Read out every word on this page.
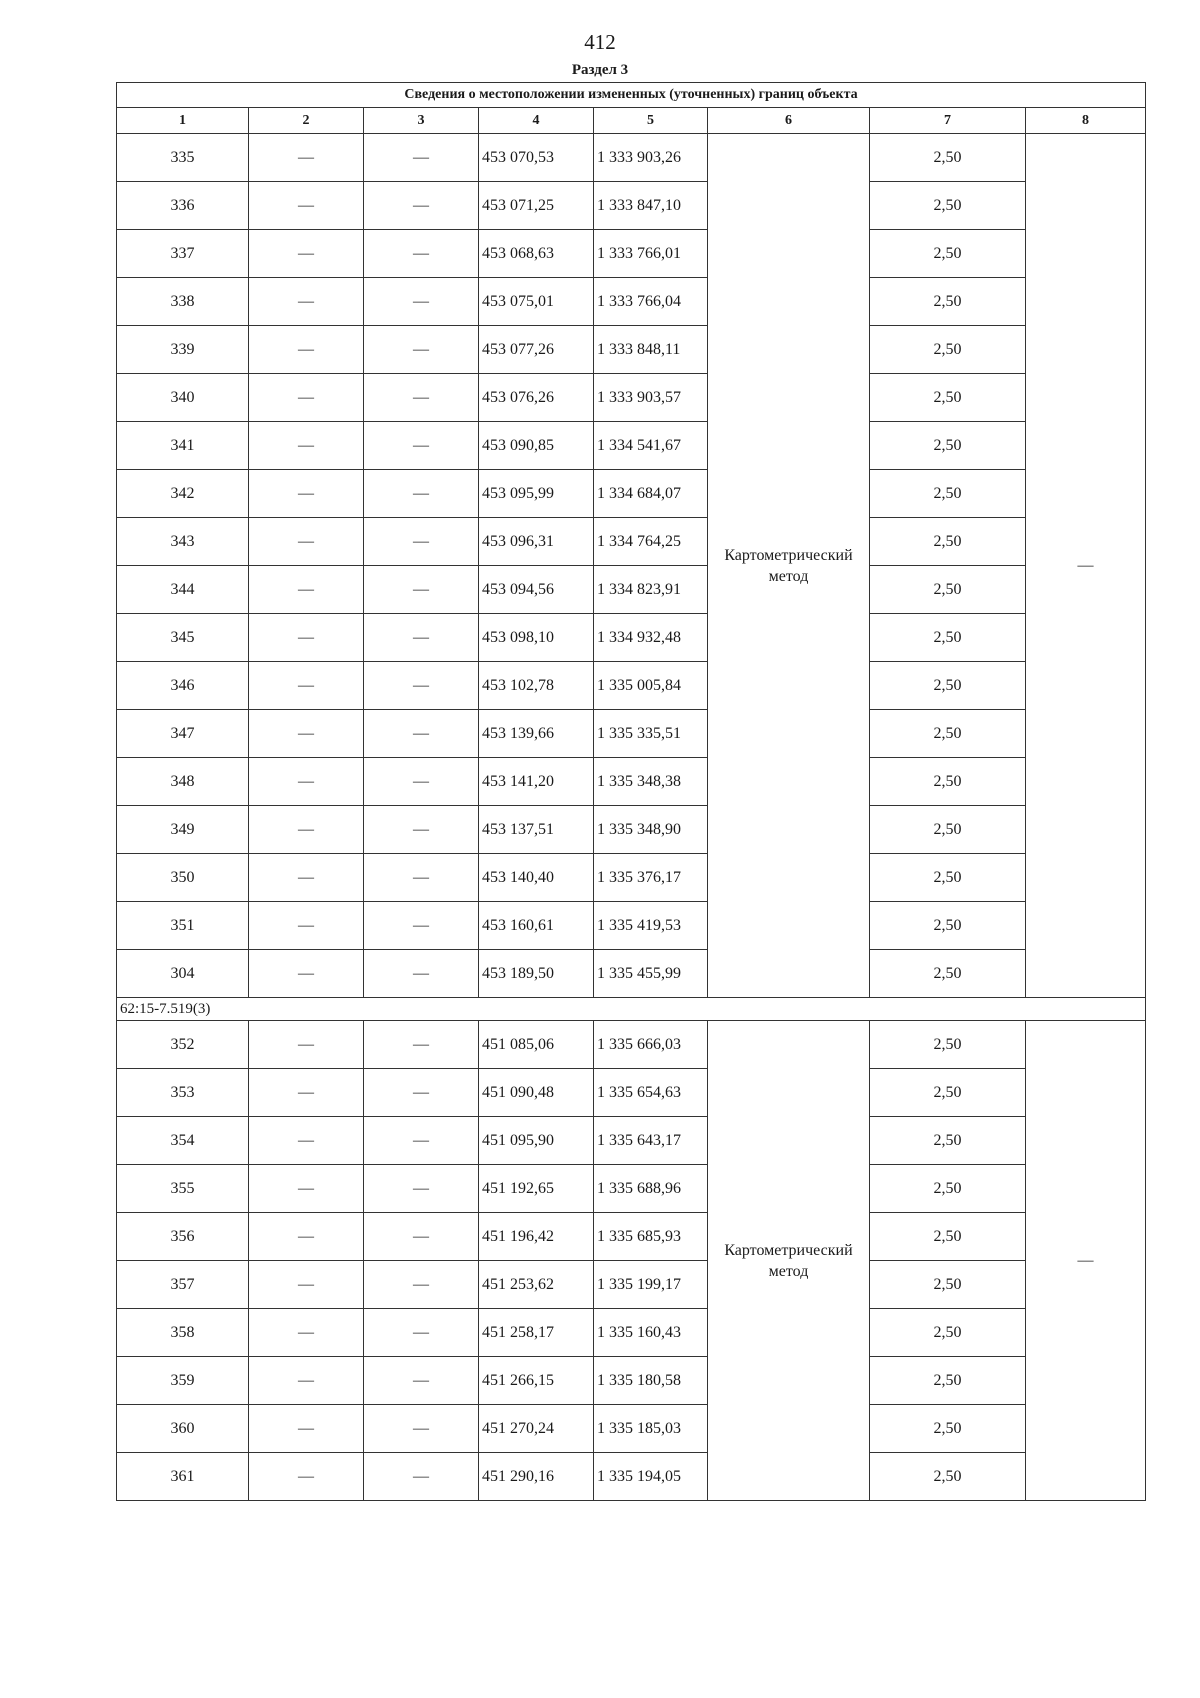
412
Раздел 3
Сведения о местоположении измененных (уточненных) границ объекта							
1	2	3	4	5	6	7	8
335	—	—	453 070,53	1 333 903,26	Картометрический метод	2,50	—
336	—	—	453 071,25	1 333 847,10		2,50	
337	—	—	453 068,63	1 333 766,01		2,50	
338	—	—	453 075,01	1 333 766,04		2,50	
339	—	—	453 077,26	1 333 848,11		2,50	
340	—	—	453 076,26	1 333 903,57		2,50	
341	—	—	453 090,85	1 334 541,67		2,50	
342	—	—	453 095,99	1 334 684,07		2,50	
343	—	—	453 096,31	1 334 764,25		2,50	
344	—	—	453 094,56	1 334 823,91		2,50	
345	—	—	453 098,10	1 334 932,48		2,50	
346	—	—	453 102,78	1 335 005,84		2,50	
347	—	—	453 139,66	1 335 335,51		2,50	
348	—	—	453 141,20	1 335 348,38		2,50	
349	—	—	453 137,51	1 335 348,90		2,50	
350	—	—	453 140,40	1 335 376,17		2,50	
351	—	—	453 160,61	1 335 419,53		2,50	
304	—	—	453 189,50	1 335 455,99		2,50	
62:15-7.519(3)							
352	—	—	451 085,06	1 335 666,03	Картометрический метод	2,50	—
353	—	—	451 090,48	1 335 654,63		2,50	
354	—	—	451 095,90	1 335 643,17		2,50	
355	—	—	451 192,65	1 335 688,96		2,50	
356	—	—	451 196,42	1 335 685,93		2,50	
357	—	—	451 253,62	1 335 199,17		2,50	
358	—	—	451 258,17	1 335 160,43		2,50	
359	—	—	451 266,15	1 335 180,58		2,50	
360	—	—	451 270,24	1 335 185,03		2,50	
361	—	—	451 290,16	1 335 194,05		2,50	
